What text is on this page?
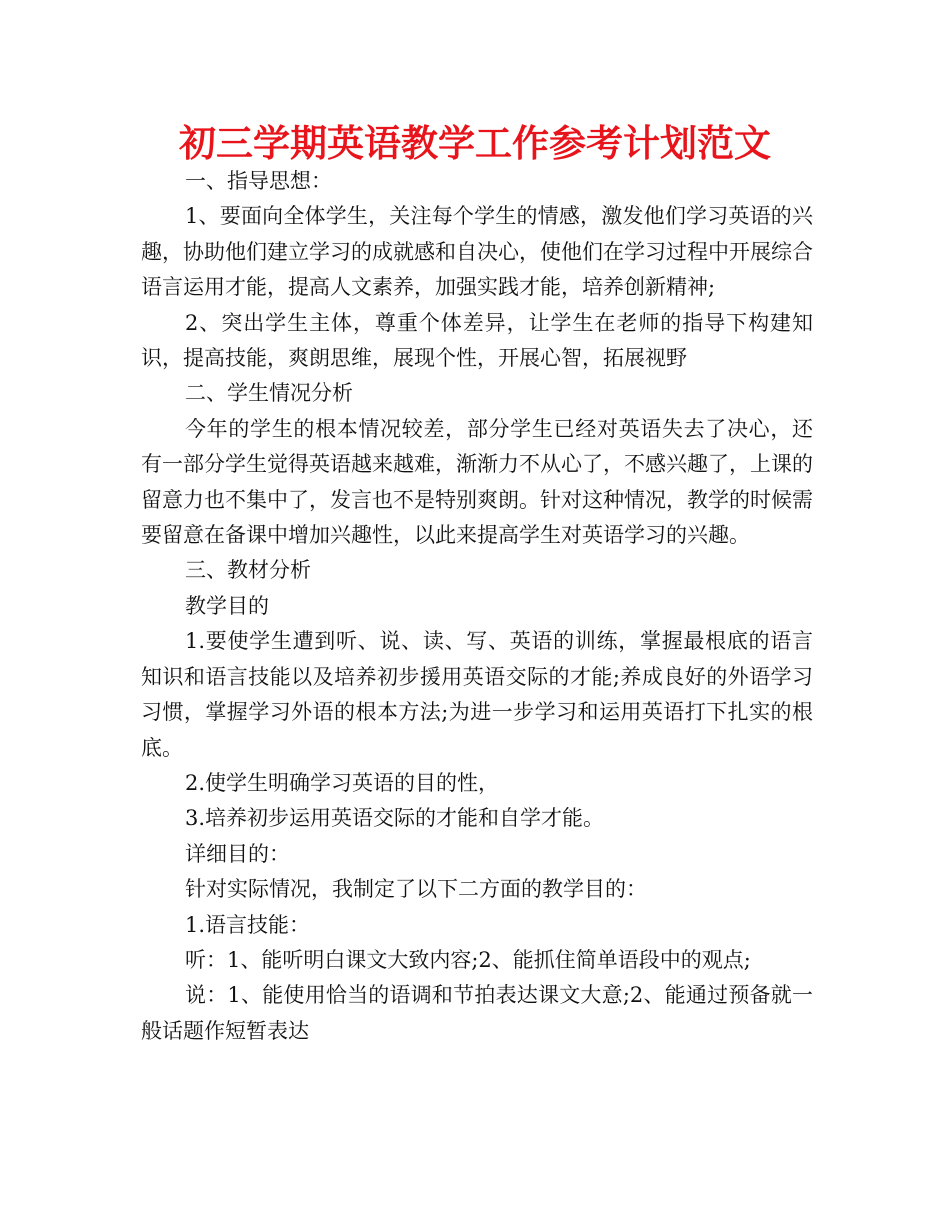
初三学期英语教学工作参考计划范文

一、指导思想：

1、要面向全体学生，关注每个学生的情感，激发他们学习英语的兴趣，协助他们建立学习的成就感和自决心，使他们在学习过程中开展综合语言运用才能，提高人文素养，加强实践才能，培养创新精神;

2、突出学生主体，尊重个体差异，让学生在老师的指导下构建知识，提高技能，爽朗思维，展现个性，开展心智，拓展视野

二、学生情况分析

今年的学生的根本情况较差，部分学生已经对英语失去了决心，还有一部分学生觉得英语越来越难，渐渐力不从心了，不感兴趣了，上课的留意力也不集中了，发言也不是特别爽朗。针对这种情况，教学的时候需要留意在备课中增加兴趣性，以此来提高学生对英语学习的兴趣。

三、教材分析

教学目的

1.要使学生遭到听、说、读、写、英语的训练，掌握最根底的语言知识和语言技能以及培养初步援用英语交际的才能;养成良好的外语学习习惯，掌握学习外语的根本方法;为进一步学习和运用英语打下扎实的根底。

2.使学生明确学习英语的目的性，

3.培养初步运用英语交际的才能和自学才能。

详细目的：

针对实际情况，我制定了以下二方面的教学目的：

1.语言技能：

听：1、能听明白课文大致内容;2、能抓住简单语段中的观点;

说：1、能使用恰当的语调和节拍表达课文大意;2、能通过预备就一般话题作短暂表达
